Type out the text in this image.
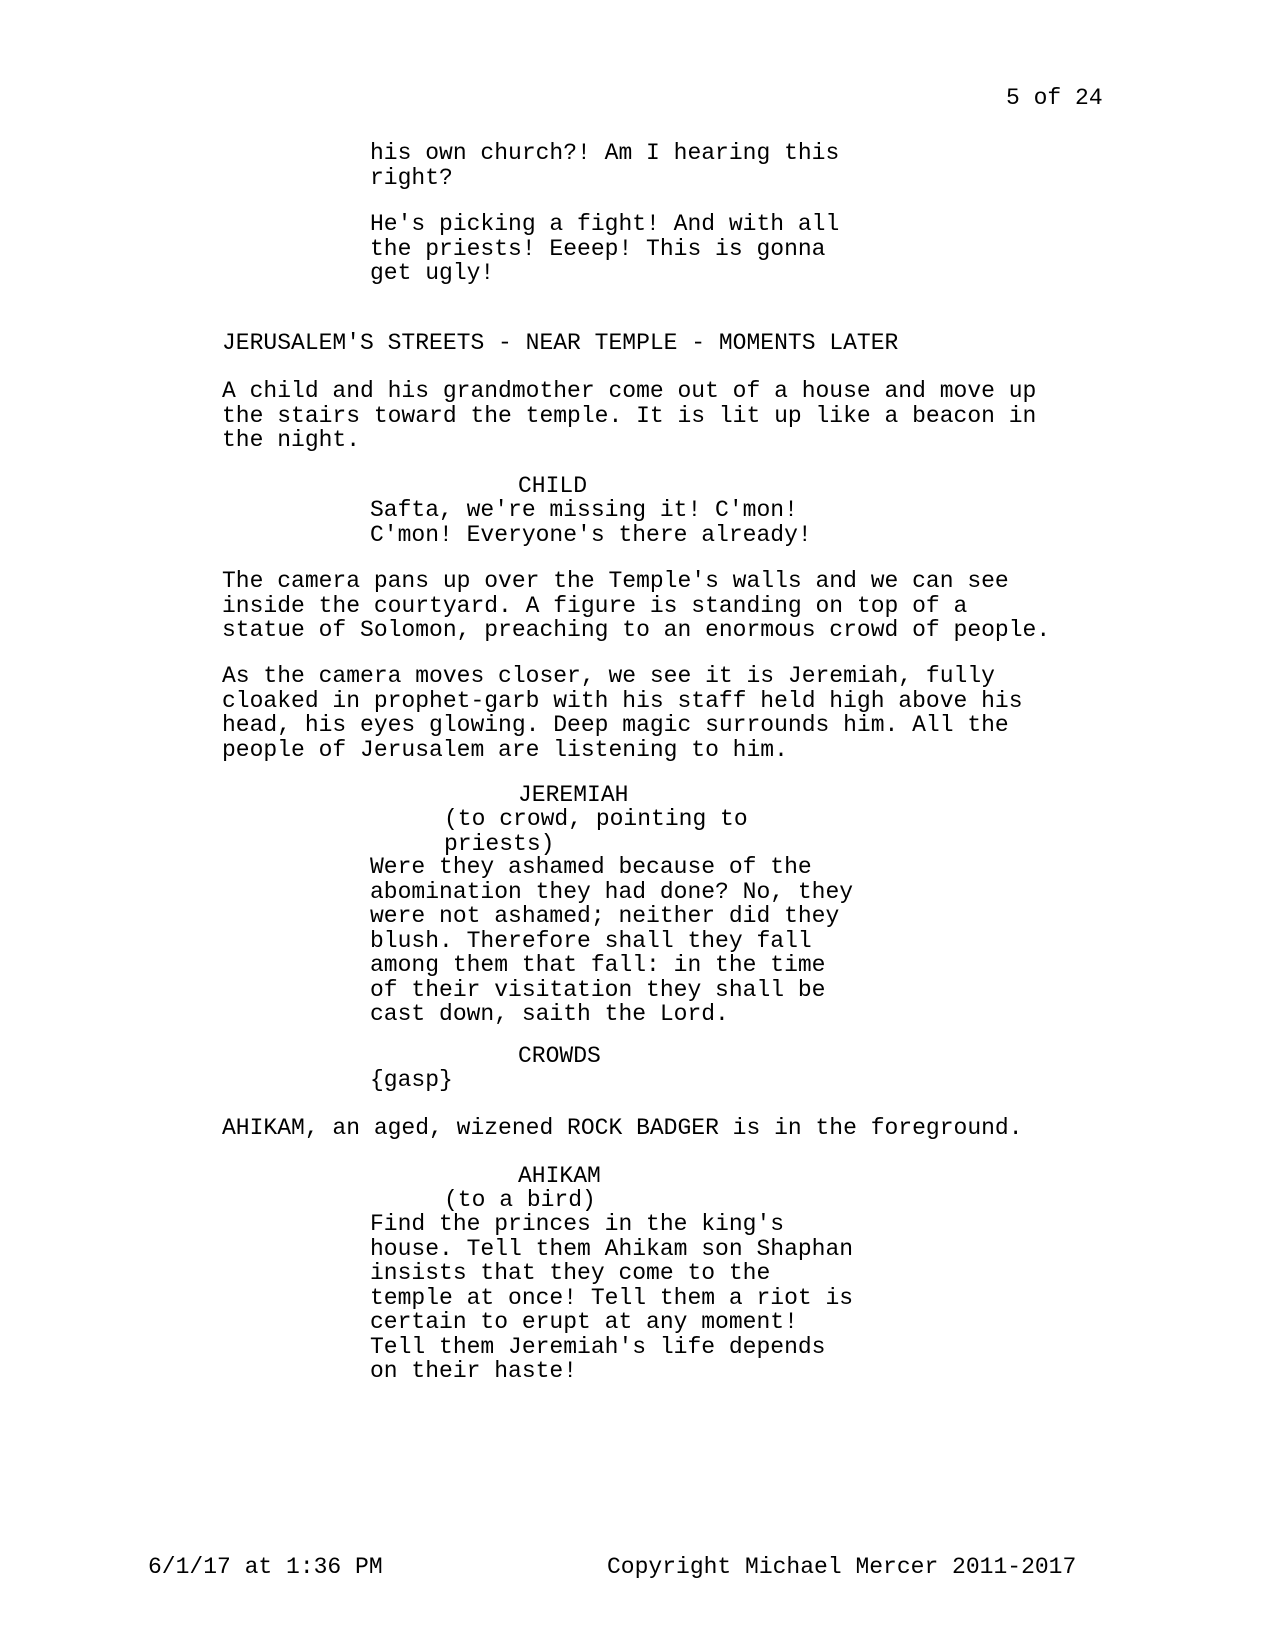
5 of 24
his own church?! Am I hearing this
right?
He's picking a fight! And with all
the priests! Eeeep! This is gonna
get ugly!
JERUSALEM'S STREETS - NEAR TEMPLE - MOMENTS LATER
A child and his grandmother come out of a house and move up
the stairs toward the temple. It is lit up like a beacon in
the night.
CHILD
Safta, we're missing it! C'mon!
C'mon! Everyone's there already!
The camera pans up over the Temple's walls and we can see
inside the courtyard. A figure is standing on top of a
statue of Solomon, preaching to an enormous crowd of people.
As the camera moves closer, we see it is Jeremiah, fully
cloaked in prophet-garb with his staff held high above his
head, his eyes glowing. Deep magic surrounds him. All the
people of Jerusalem are listening to him.
JEREMIAH
(to crowd, pointing to
priests)
Were they ashamed because of the
abomination they had done? No, they
were not ashamed; neither did they
blush. Therefore shall they fall
among them that fall: in the time
of their visitation they shall be
cast down, saith the Lord.
CROWDS
{gasp}
AHIKAM, an aged, wizened ROCK BADGER is in the foreground.
AHIKAM
(to a bird)
Find the princes in the king's
house. Tell them Ahikam son Shaphan
insists that they come to the
temple at once! Tell them a riot is
certain to erupt at any moment!
Tell them Jeremiah's life depends
on their haste!
6/1/17 at 1:36 PM	Copyright Michael Mercer 2011-2017
